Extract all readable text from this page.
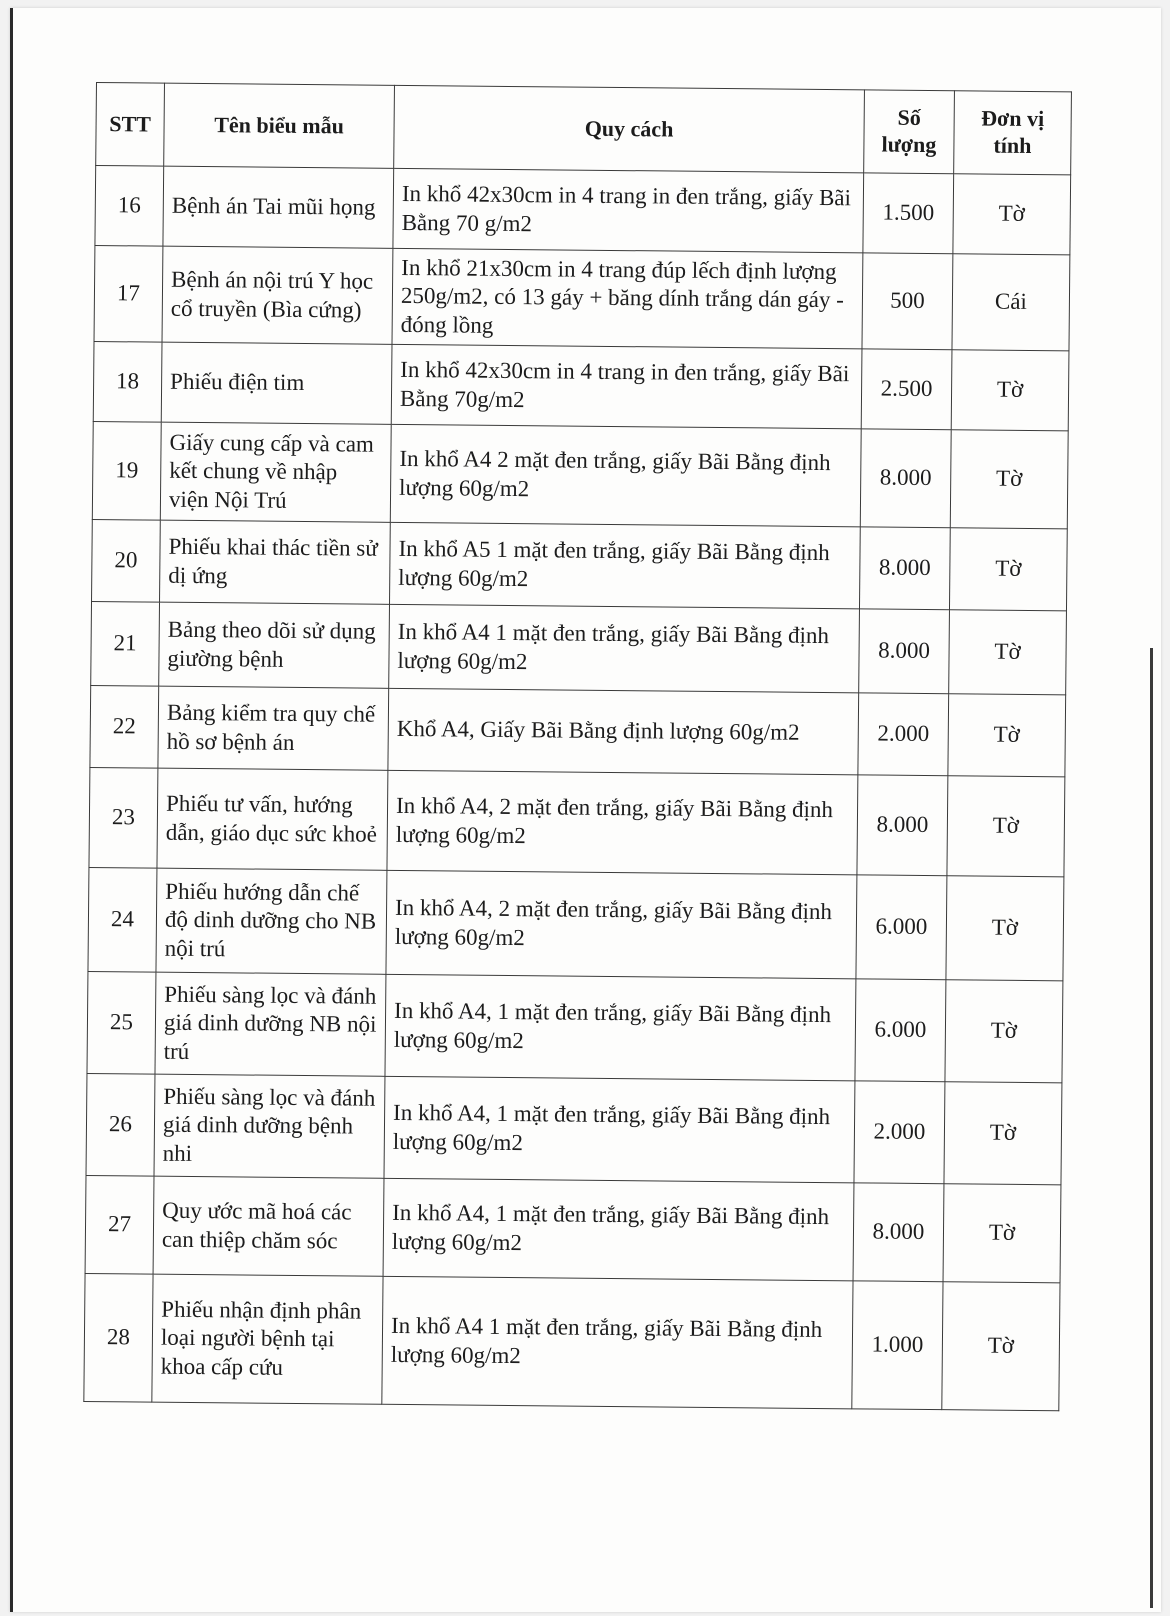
STT	Tên biểu mẫu	Quy cách	Số lượng	Đơn vị tính
16	Bệnh án Tai mũi họng	In khổ 42x30cm in 4 trang in đen trắng, giấy Bãi Bằng 70 g/m2	1.500	Tờ
17	Bệnh án nội trú Y học cổ truyền (Bìa cứng)	In khổ 21x30cm in 4 trang đúp lếch định lượng 250g/m2, có 13 gáy + băng dính trắng dán gáy - đóng lồng	500	Cái
18	Phiếu điện tim	In khổ 42x30cm in 4 trang in đen trắng, giấy Bãi Bằng 70g/m2	2.500	Tờ
19	Giấy cung cấp và cam kết chung về nhập viện Nội Trú	In khổ A4 2 mặt đen trắng, giấy Bãi Bằng định lượng 60g/m2	8.000	Tờ
20	Phiếu khai thác tiền sử dị ứng	In khổ A5 1 mặt đen trắng, giấy Bãi Bằng định lượng 60g/m2	8.000	Tờ
21	Bảng theo dõi sử dụng giường bệnh	In khổ A4 1 mặt đen trắng, giấy Bãi Bằng định lượng 60g/m2	8.000	Tờ
22	Bảng kiểm tra quy chế hồ sơ bệnh án	Khổ A4, Giấy Bãi Bằng định lượng 60g/m2	2.000	Tờ
23	Phiếu tư vấn, hướng dẫn, giáo dục sức khoẻ	In khổ A4, 2 mặt đen trắng, giấy Bãi Bằng định lượng 60g/m2	8.000	Tờ
24	Phiếu hướng dẫn chế độ dinh dưỡng cho NB nội trú	In khổ A4, 2 mặt đen trắng, giấy Bãi Bằng định lượng 60g/m2	6.000	Tờ
25	Phiếu sàng lọc và đánh giá dinh dưỡng NB nội trú	In khổ A4, 1 mặt đen trắng, giấy Bãi Bằng định lượng 60g/m2	6.000	Tờ
26	Phiếu sàng lọc và đánh giá dinh dưỡng bệnh nhi	In khổ A4, 1 mặt đen trắng, giấy Bãi Bằng định lượng 60g/m2	2.000	Tờ
27	Quy ước mã hoá các can thiệp chăm sóc	In khổ A4, 1 mặt đen trắng, giấy Bãi Bằng định lượng 60g/m2	8.000	Tờ
28	Phiếu nhận định phân loại người bệnh tại khoa cấp cứu	In khổ A4 1 mặt đen trắng, giấy Bãi Bằng định lượng 60g/m2	1.000	Tờ
